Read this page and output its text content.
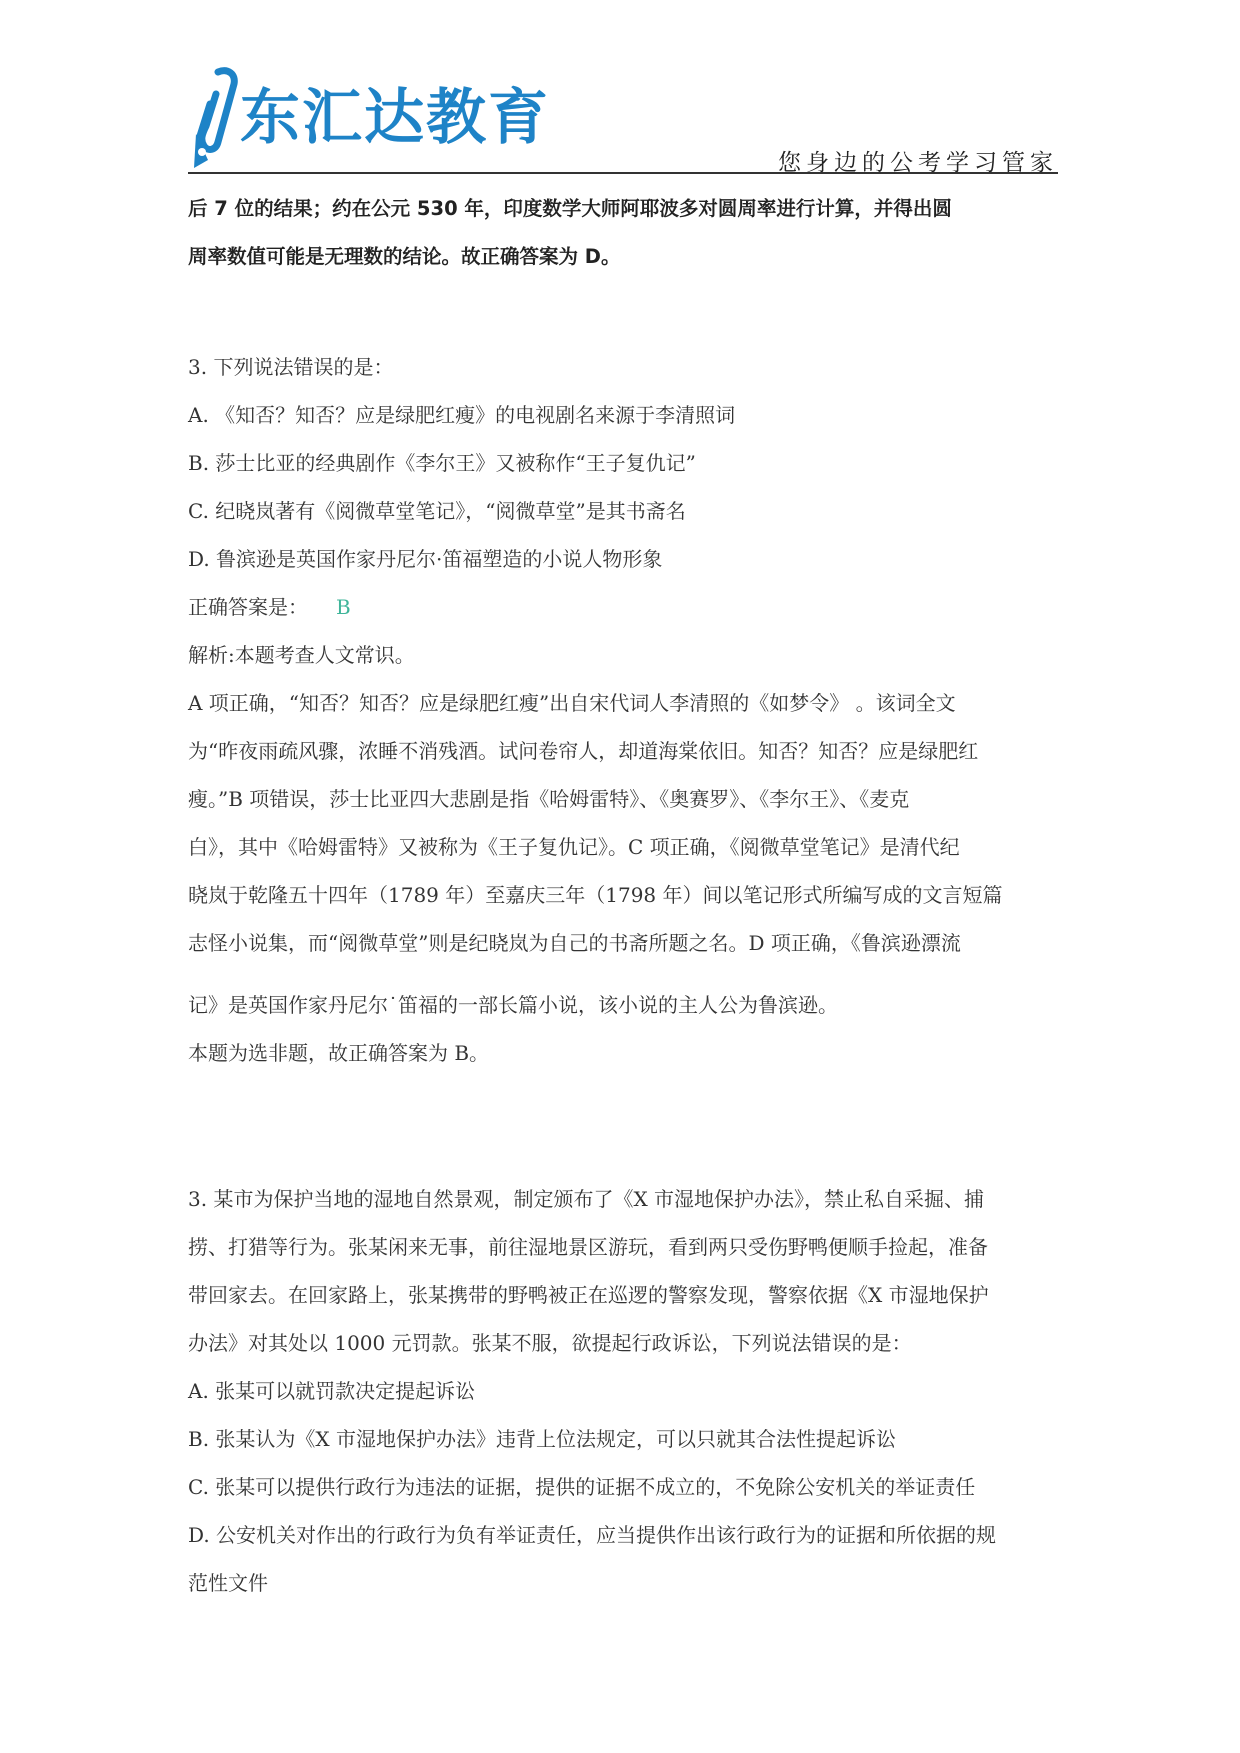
东汇达教育
您身边的公考学习管家
后 7 位的结果；约在公元 530 年，印度数学大师阿耶波多对圆周率进行计算，并得出圆
周率数值可能是无理数的结论。故正确答案为 D。
3. 下列说法错误的是：
A. 《知否？知否？应是绿肥红瘦》的电视剧名来源于李清照词
B. 莎士比亚的经典剧作《李尔王》又被称作“王子复仇记”
C. 纪晓岚著有《阅微草堂笔记》，“阅微草堂”是其书斋名
D. 鲁滨逊是英国作家丹尼尔·笛福塑造的小说人物形象
正确答案是： B
解析:本题考查人文常识。
A 项正确，“知否？知否？应是绿肥红瘦”出自宋代词人李清照的《如梦令》 。该词全文
为“昨夜雨疏风骤，浓睡不消残酒。试问卷帘人，却道海棠依旧。知否？知否？应是绿肥红
瘦。”B 项错误，莎士比亚四大悲剧是指《哈姆雷特》、《奥赛罗》、《李尔王》、《麦克
白》，其中《哈姆雷特》又被称为《王子复仇记》。C 项正确，《阅微草堂笔记》是清代纪
晓岚于乾隆五十四年（1789 年）至嘉庆三年（1798 年）间以笔记形式所编写成的文言短篇
志怪小说集，而“阅微草堂”则是纪晓岚为自己的书斋所题之名。D 项正确，《鲁滨逊漂流
记》是英国作家丹尼尔˙笛福的一部长篇小说，该小说的主人公为鲁滨逊。
本题为选非题，故正确答案为 B。
3. 某市为保护当地的湿地自然景观，制定颁布了《X 市湿地保护办法》，禁止私自采掘、捕
捞、打猎等行为。张某闲来无事，前往湿地景区游玩，看到两只受伤野鸭便顺手捡起，准备
带回家去。在回家路上，张某携带的野鸭被正在巡逻的警察发现，警察依据《X 市湿地保护
办法》对其处以 1000 元罚款。张某不服，欲提起行政诉讼，下列说法错误的是：
A. 张某可以就罚款决定提起诉讼
B. 张某认为《X 市湿地保护办法》违背上位法规定，可以只就其合法性提起诉讼
C. 张某可以提供行政行为违法的证据，提供的证据不成立的，不免除公安机关的举证责任
D. 公安机关对作出的行政行为负有举证责任，应当提供作出该行政行为的证据和所依据的规
范性文件
